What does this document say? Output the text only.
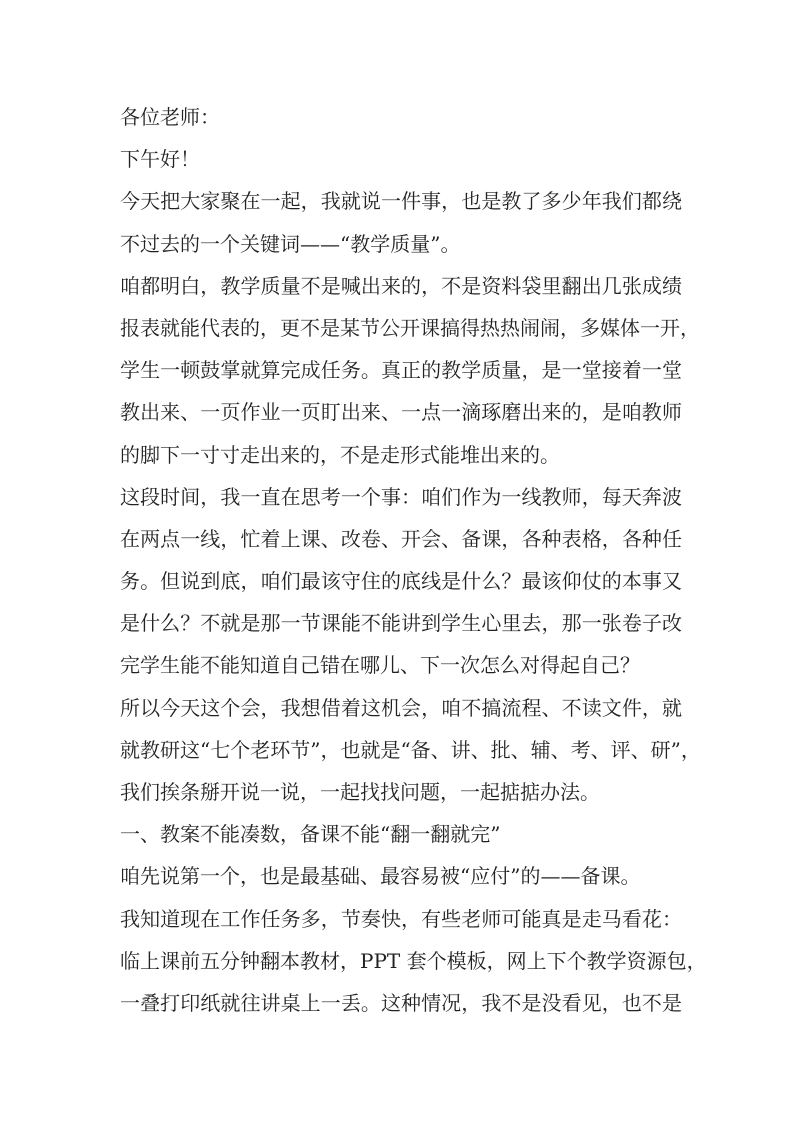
各位老师：
下午好！
今天把大家聚在一起，我就说一件事，也是教了多少年我们都绕
不过去的一个关键词——“教学质量”。
咱都明白，教学质量不是喊出来的，不是资料袋里翻出几张成绩
报表就能代表的，更不是某节公开课搞得热热闹闹，多媒体一开，
学生一顿鼓掌就算完成任务。真正的教学质量，是一堂接着一堂
教出来、一页作业一页盯出来、一点一滴琢磨出来的，是咱教师
的脚下一寸寸走出来的，不是走形式能堆出来的。
这段时间，我一直在思考一个事：咱们作为一线教师，每天奔波
在两点一线，忙着上课、改卷、开会、备课，各种表格，各种任
务。但说到底，咱们最该守住的底线是什么？最该仰仗的本事又
是什么？不就是那一节课能不能讲到学生心里去，那一张卷子改
完学生能不能知道自己错在哪儿、下一次怎么对得起自己？
所以今天这个会，我想借着这机会，咱不搞流程、不读文件，就
就教研这“七个老环节”，也就是“备、讲、批、辅、考、评、研”，
我们挨条掰开说一说，一起找找问题，一起掂掂办法。
一、教案不能凑数，备课不能“翻一翻就完”
咱先说第一个，也是最基础、最容易被“应付”的——备课。
我知道现在工作任务多，节奏快，有些老师可能真是走马看花：
临上课前五分钟翻本教材，PPT 套个模板，网上下个教学资源包，
一叠打印纸就往讲桌上一丢。这种情况，我不是没看见，也不是
